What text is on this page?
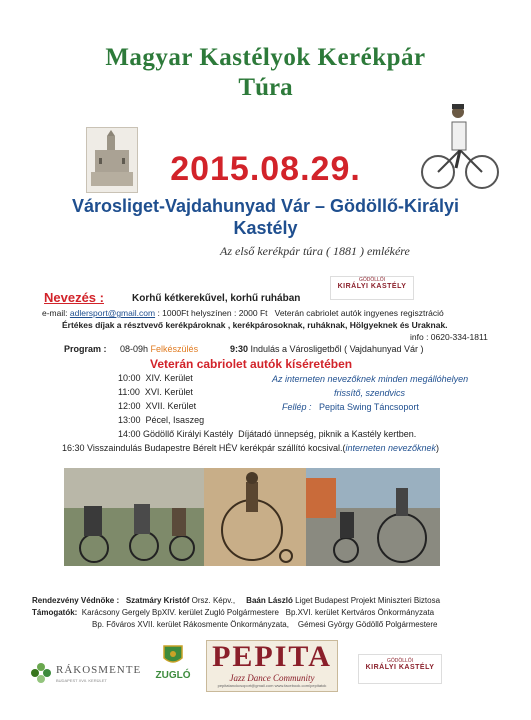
Magyar Kastélyok Kerékpár
Túra
2015.08.29.
Városliget-Vajdahunyad Vár – Gödöllő-Királyi
Kastély
Az első kerékpár túra ( 1881 ) emlékére
GÖDÖLLŐI
KIRÁLYI KASTÉLY
Nevezés :	Korhű kétkerekűvel, korhű ruhában
e-mail: adlersport@gmail.com : 1000Ft helyszínen : 2000 Ft Veterán cabriolet autók ingyenes regisztráció
Értékes díjak a résztvevő kerékpároknak , kerékpárosoknak, ruháknak, Hölgyeknek és Uraknak.
info : 0620-334-1811
Program : 08-09h Felkészülés	9:30 Indulás a Városligetből ( Vajdahunyad Vár )
Veterán cabriolet autók kíséretében
10:00 XIV. Kerület
11:00 XVI. Kerület
12:00 XVII. Kerület
13:00 Pécel, Isaszeg
14:00 Gödöllő Királyi Kastély Díjátadó ünnepség, piknik a Kastély kertben.
Az interneten nevezőknek minden megállóhelyen
frissítő, szendvics
Fellép : Pepita Swing Táncsoport
16:30 Visszaindulás Budapestre Bérelt HÉV kerékpár szállító kocsival.(interneten nevezőknek)
Rendezvény Védnöke : Szatmáry Kristóf Orsz. Képv., Baán László Liget Budapest Projekt Miniszteri Biztosa
Támogatók: Karácsony Gergely BpXIV. kerület Zugló Polgármestere Bp.XVI. kerület Kertváros Önkormányzata
Bp. Főváros XVII. kerület Rákosmente Önkormányzata, Gémesi György Gödöllő Polgármestere
RÁKOSMENTE
BUDAPEST XVII. KERÜLET	ZUGLÓ
PEPITA
Jazz Dance Community
pepitatanckcsoport@gmail.com www.facebook.com/pepitatok
GÖDÖLLŐI
KIRÁLYI KASTÉLY
